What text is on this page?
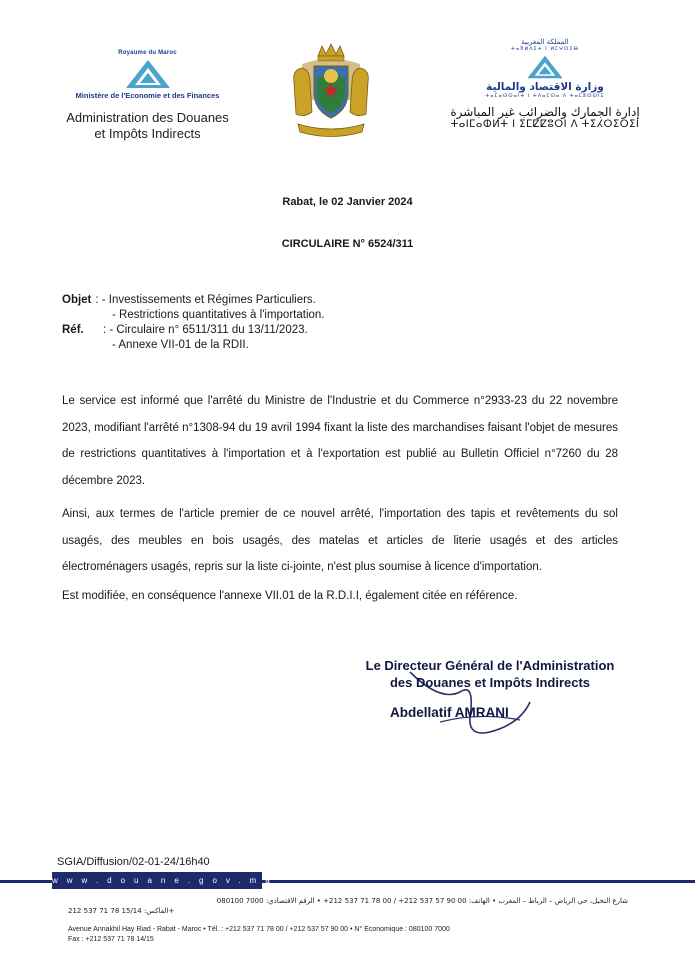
Royaume du Maroc
Ministère de l'Economie et des Finances
Administration des Douanes
et Impôts Indirects
المملكة المغربية
ⵜⴰⴳⵍⴷⵉⵜ ⵏ ⵍⵎⵖⵔⵉⴱ
وزارة الاقتصاد والمالية
ⵜⴰⵎⴰⵙⵙⴰⵏⵜ ⵏ ⵜⴷⴰⵎⵙⴰ ⴷ ⵜⴰⵎⵓⵙⵙⵏⵉ
إدارة الجمارك والضرائب غير المباشرة
ⵜⴰⵏⵎⴰⵀⵍⵜ ⵏ ⵉⵎⵇⵇⵓⵔⵏ ⴷ ⵜⵉⵃⵔⵉⵔⵉⵏ
Rabat, le 02 Janvier 2024
CIRCULAIRE N° 6524/311
Objet : - Investissements et Régimes Particuliers.
- Restrictions quantitatives à l'importation.
Réf.	: - Circulaire n° 6511/311 du 13/11/2023.
- Annexe VII-01 de la RDII.
Le service est informé que l'arrêté du Ministre de l'Industrie et du Commerce n°2933-23 du 22 novembre 2023, modifiant l'arrêté n°1308-94 du 19 avril 1994 fixant la liste des marchandises faisant l'objet de mesures de restrictions quantitatives à l'importation et à l'exportation est publié au Bulletin Officiel n°7260 du 28 décembre 2023.
Ainsi, aux termes de l'article premier de ce nouvel arrêté, l'importation des tapis et revêtements du sol usagés, des meubles en bois usagés, des matelas et articles de literie usagés et des articles électroménagers usagés, repris sur la liste ci-jointe, n'est plus soumise à licence d'importation.
Est modifiée, en conséquence l'annexe VII.01 de la R.D.I.I, également citée en référence.
Le Directeur Général de l'Administration
des Douanes et Impôts Indirects
Abdellatif AMRANI
SGIA/Diffusion/02-01-24/16h40
www.douane.gov.ma
شارع النخيل، حي الرياض – الرباط – المغرب • الهاتف: 00 90 57 537 212+ / 00 78 71 537 212+ • الرقم الاقتصادي: 7000 080100
الفاكس: 15/14 78 71 537 212+
Avenue Annakhil Hay Riad - Rabat - Maroc • Tél. : +212 537 71 78 00 / +212 537 57 90 00 • N° Economique : 080100 7000
Fax : +212 537 71 78 14/15
